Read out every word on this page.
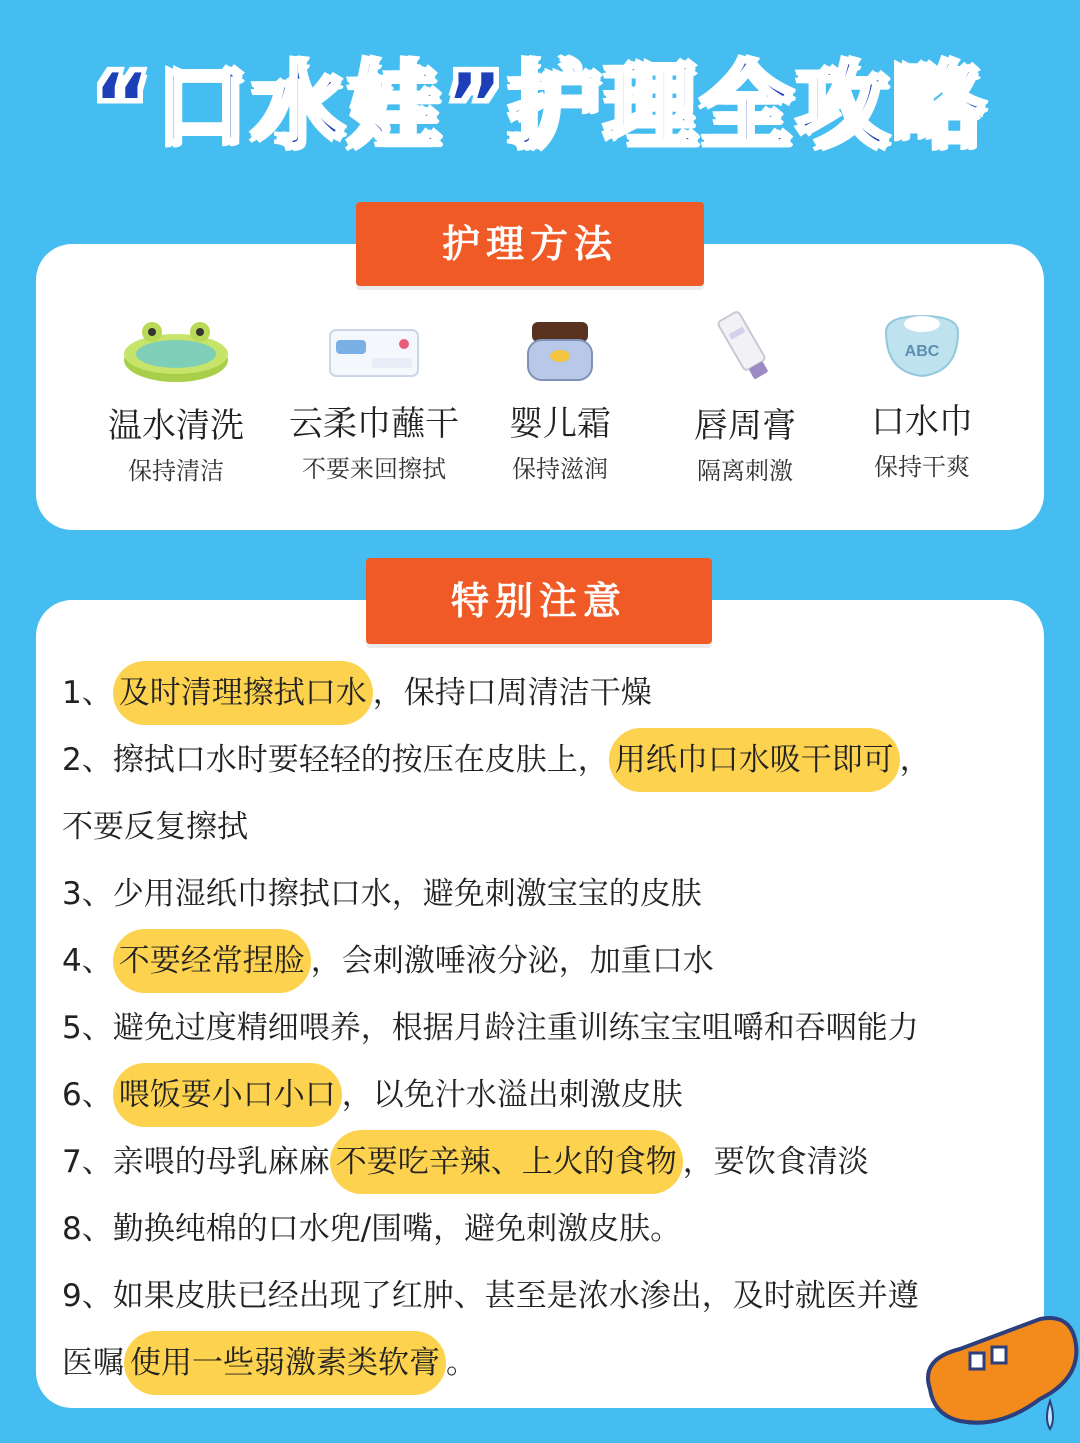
“口水娃”护理全攻略
护理方法
温水清洗
保持清洁
云柔巾蘸干
不要来回擦拭
婴儿霜
保持滋润
唇周膏
隔离刺激
ABC
口水巾
保持干爽
特别注意
1、 及时清理擦拭口水 ，保持口周清洁干燥
2、擦拭口水时要轻轻的按压在皮肤上， 用纸巾口水吸干即可 ，
不要反复擦拭
3、少用湿纸巾擦拭口水，避免刺激宝宝的皮肤
4、 不要经常捏脸 ，会刺激唾液分泌，加重口水
5、避免过度精细喂养，根据月龄注重训练宝宝咀嚼和吞咽能力
6、 喂饭要小口小口 ，以免汁水溢出刺激皮肤
7、亲喂的母乳麻麻 不要吃辛辣、上火的食物 ，要饮食清淡
8、勤换纯棉的口水兜/围嘴，避免刺激皮肤。
9、如果皮肤已经出现了红肿、甚至是浓水渗出，及时就医并遵
医嘱 使用一些弱激素类软膏 。
